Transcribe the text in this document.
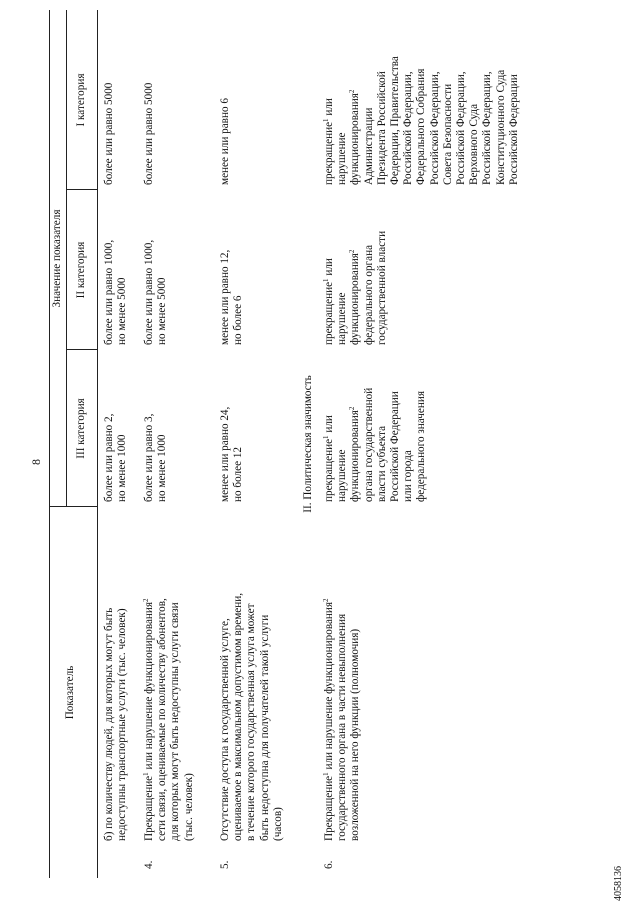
8
Показатель
Значение показателя
III категория
II категория
I категория
б) по количеству людей, для которых могут быть
недоступны транспортные услуги (тыс. человек)
более или равно 2,
но менее 1000
более или равно 1000,
но менее 5000
более или равно 5000
4.
Прекращение$^1$ или нарушение функционирования$^2$
сети связи, оцениваемые по количеству абонентов,
для которых могут быть недоступны услуги связи
(тыс. человек)
более или равно 3,
но менее 1000
более или равно 1000,
но менее 5000
более или равно 5000
5.
Отсутствие доступа к государственной услуге,
оцениваемое в максимальном допустимом времени,
в течение которого государственная услуга может
быть недоступна для получателей такой услуги
(часов)
менее или равно 24,
но более 12
менее или равно 12,
но более 6
менее или равно 6
II. Политическая значимость
6.
Прекращение$^1$ или нарушение функционирования$^2$
государственного органа в части невыполнения
возложенной на него функции (полномочия)
прекращение$^1$ или
нарушение
функционирования$^2$
органа государственной
власти субъекта
Российской Федерации
или города
федерального значения
прекращение$^1$ или
нарушение
функционирования$^2$
федерального органа
государственной власти
прекращение$^1$ или
нарушение
функционирования$^2$
Администрации
Президента Российской
Федерации, Правительства
Российской Федерации,
Федерального Собрания
Российской Федерации,
Совета Безопасности
Российской Федерации,
Верховного Суда
Российской Федерации,
Конституционного Суда
Российской Федерации
4058136
